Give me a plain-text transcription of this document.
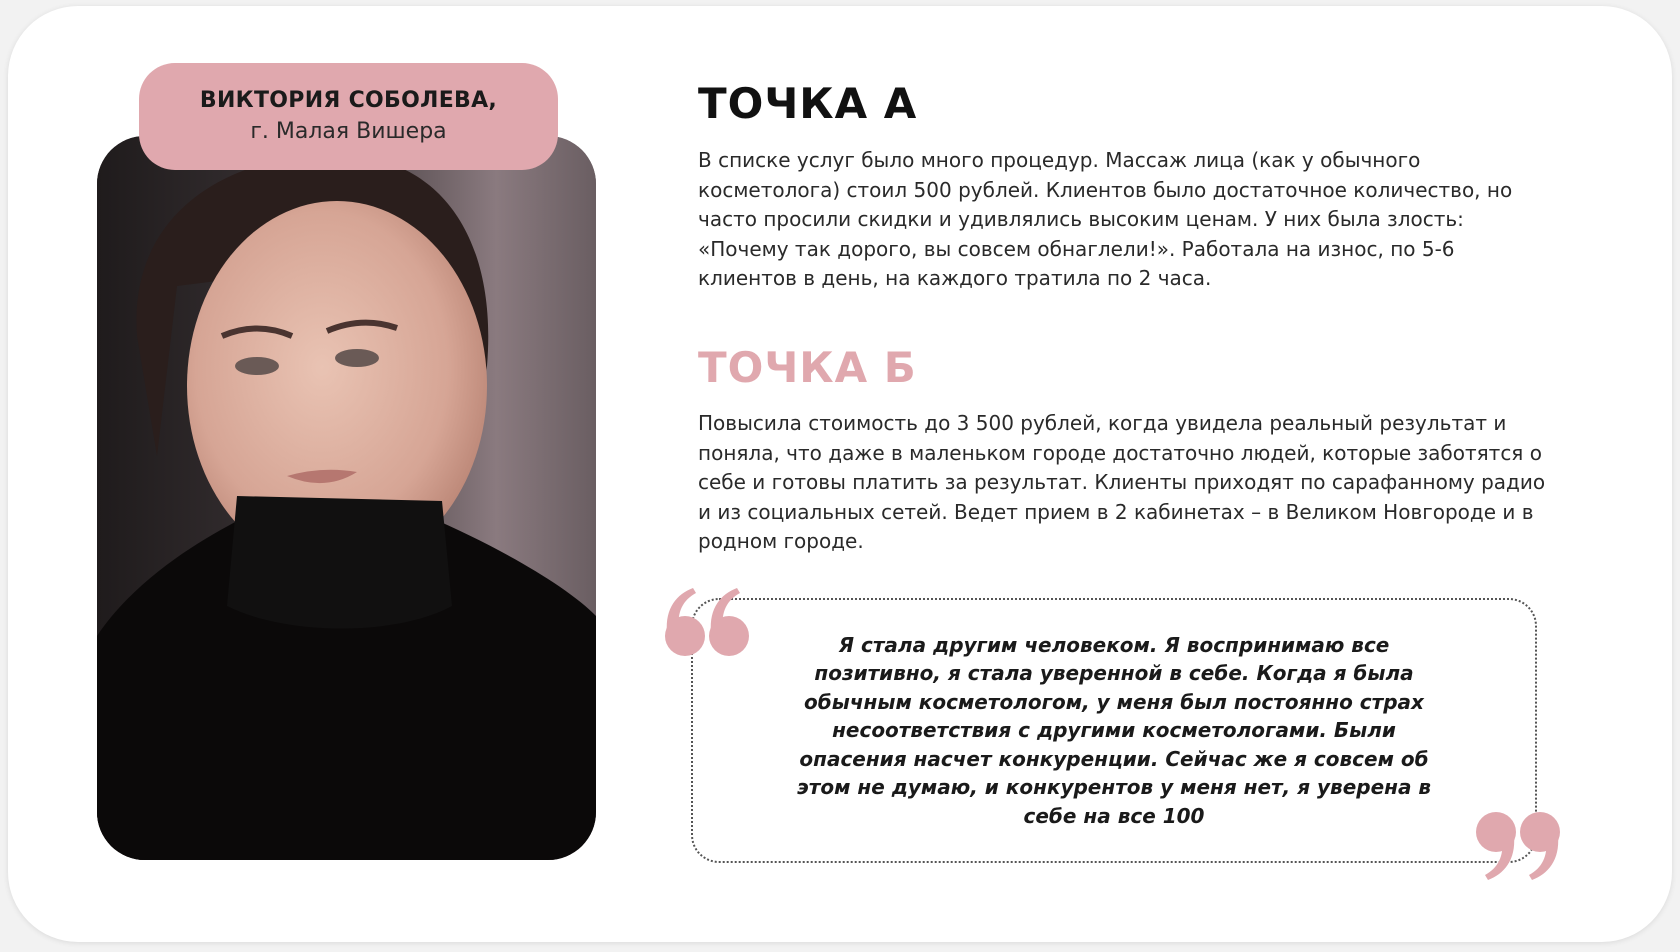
ВИКТОРИЯ СОБОЛЕВА,
г. Малая Вишера
ТОЧКА А
В списке услуг было много процедур. Массаж лица (как у обычного косметолога) стоил 500 рублей. Клиентов было достаточное количество, но часто просили скидки и удивлялись высоким ценам. У них была злость: «Почему так дорого, вы совсем обнаглели!». Работала на износ, по 5-6 клиентов в день, на каждого тратила по 2 часа.
ТОЧКА Б
Повысила стоимость до 3 500 рублей, когда увидела реальный результат и поняла, что даже в маленьком городе достаточно людей, которые заботятся о себе и готовы платить за результат. Клиенты приходят по сарафанному радио и из социальных сетей. Ведет прием в 2 кабинетах – в Великом Новгороде и в родном городе.
Я стала другим человеком. Я воспринимаю все позитивно, я стала уверенной в себе. Когда я была обычным косметологом, у меня был постоянно страх несоответствия с другими косметологами. Были опасения насчет конкуренции. Сейчас же я совсем об этом не думаю, и конкурентов у меня нет, я уверена в себе на все 100
